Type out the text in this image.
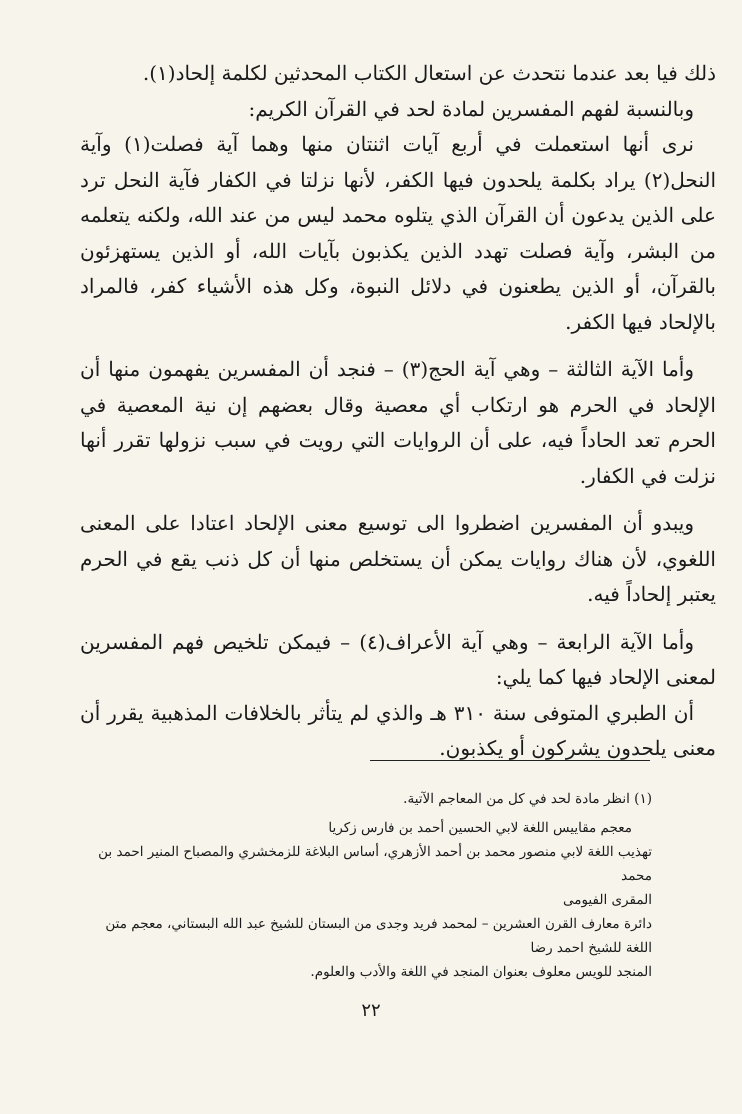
ذلك فيا بعد عندما نتحدث عن استعال الكتاب المحدثين لكلمة إلحاد(١).

وبالنسبة لفهم المفسرين لمادة لحد في القرآن الكريم:

نرى أنها استعملت في أربع آيات اثنتان منها وهما آية فصلت(١) وآية النحل(٢) يراد بكلمة يلحدون فيها الكفر، لأنها نزلتا في الكفار فآية النحل ترد على الذين يدعون أن القرآن الذي يتلوه محمد ليس من عند الله، ولكنه يتعلمه من البشر، وآية فصلت تهدد الذين يكذبون بآيات الله، أو الذين يستهزئون بالقرآن، أو الذين يطعنون في دلائل النبوة، وكل هذه الأشياء كفر، فالمراد بالإلحاد فيها الكفر.

وأما الآية الثالثة – وهي آية الحج(٣) – فنجد أن المفسرين يفهمون منها أن الإلحاد في الحرم هو ارتكاب أي معصية وقال بعضهم إن نية المعصية في الحرم تعد الحاداً فيه، على أن الروايات التي رويت في سبب نزولها تقرر أنها نزلت في الكفار.

ويبدو أن المفسرين اضطروا الى توسيع معنى الإلحاد اعتادا على المعنى اللغوي، لأن هناك روايات يمكن أن يستخلص منها أن كل ذنب يقع في الحرم يعتبر إلحاداً فيه.

وأما الآية الرابعة – وهي آية الأعراف(٤) – فيمكن تلخيص فهم المفسرين لمعنى الإلحاد فيها كما يلي:

أن الطبري المتوفى سنة ٣١٠ هـ والذي لم يتأثر بالخلافات المذهبية يقرر أن معنى يلحدون يشركون أو يكذبون.

(١) انظر مادة لحد في كل من المعاجم الآتية.

معجم مقاييس اللغة لابي الحسين أحمد بن فارس زكريا

تهذيب اللغة لابي منصور محمد بن أحمد الأزهري، أساس البلاغة للزمخشري والمصباح المنير احمد بن محمد

المقرى الفيومى

دائرة معارف القرن العشرين – لمحمد فريد وجدى من البستان للشيخ عبد الله البستاني، معجم متن

اللغة للشيخ احمد رضا

المنجد للويس معلوف بعنوان المنجد في اللغة والأدب والعلوم.

٢٢
